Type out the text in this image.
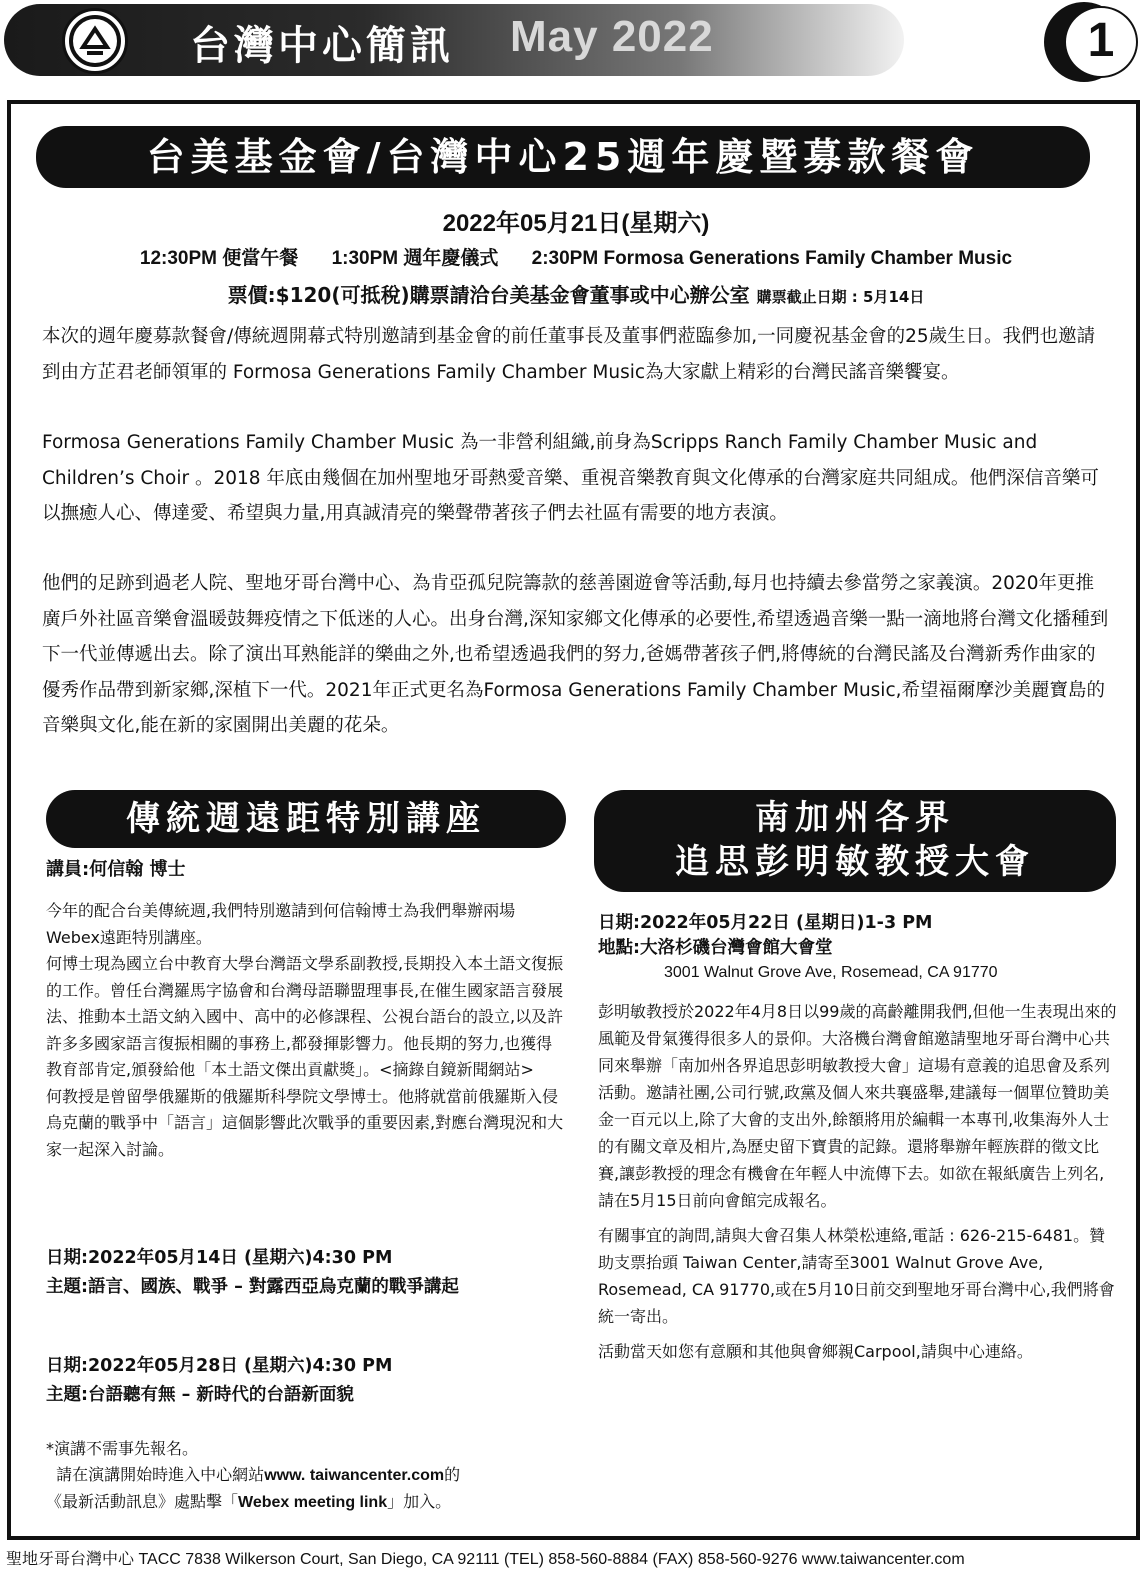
台灣中心簡訊 May 2022	1
台美基金會/台灣中心25週年慶暨募款餐會
2022年05月21日(星期六)
12:30PM 便當午餐 1:30PM 週年慶儀式 2:30PM Formosa Generations Family Chamber Music
票價:$120(可抵稅)購票請洽台美基金會董事或中心辦公室 購票截止日期 : 5月14日

本次的週年慶募款餐會/傳統週開幕式特別邀請到基金會的前任董事長及董事們蒞臨參加,一同慶祝基金會的25歲生日。我們也邀請到由方芷君老師領軍的 Formosa Generations Family Chamber Music為大家獻上精彩的台灣民謠音樂饗宴。

Formosa Generations Family Chamber Music 為一非營利組織,前身為Scripps Ranch Family Chamber Music and Children’s Choir 。2018 年底由幾個在加州聖地牙哥熱愛音樂、重視音樂教育與文化傳承的台灣家庭共同組成。他們深信音樂可以撫癒人心、傳達愛、希望與力量,用真誠清亮的樂聲帶著孩子們去社區有需要的地方表演。

他們的足跡到過老人院、聖地牙哥台灣中心、為肯亞孤兒院籌款的慈善園遊會等活動,每月也持續去參當勞之家義演。2020年更推廣戶外社區音樂會溫暖鼓舞疫情之下低迷的人心。出身台灣,深知家鄉文化傳承的必要性,希望透過音樂一點一滴地將台灣文化播種到下一代並傳遞出去。除了演出耳熟能詳的樂曲之外,也希望透過我們的努力,爸媽帶著孩子們,將傳統的台灣民謠及台灣新秀作曲家的優秀作品帶到新家鄉,深植下一代。2021年正式更名為Formosa Generations Family Chamber Music,希望福爾摩沙美麗寶島的音樂與文化,能在新的家園開出美麗的花朵。

傳統週遠距特別講座
講員:何信翰 博士

今年的配合台美傳統週,我們特別邀請到何信翰博士為我們舉辦兩場Webex遠距特別講座。

何博士現為國立台中教育大學台灣語文學系副教授,長期投入本土語文復振的工作。曾任台灣羅馬字協會和台灣母語聯盟理事長,在催生國家語言發展法、推動本土語文納入國中、高中的必修課程、公視台語台的設立,以及許許多多國家語言復振相關的事務上,都發揮影響力。他長期的努力,也獲得教育部肯定,頒發給他「本土語文傑出貢獻獎」。<摘錄自鏡新聞網站>

何教授是曾留學俄羅斯的俄羅斯科學院文學博士。他將就當前俄羅斯入侵烏克蘭的戰爭中「語言」這個影響此次戰爭的重要因素,對應台灣現況和大家一起深入討論。

日期:2022年05月14日 (星期六)4:30 PM

主題:語言、國族、戰爭 – 對露西亞烏克蘭的戰爭講起

日期:2022年05月28日 (星期六)4:30 PM

主題:台語聽有無 – 新時代的台語新面貌

*演講不需事先報名。

請在演講開始時進入中心網站www. taiwancenter.com的

《最新活動訊息》處點擊「Webex meeting link」加入。

南加州各界
追思彭明敏教授大會

日期:2022年05月22日 (星期日)1-3 PM

地點:大洛杉磯台灣會館大會堂

3001 Walnut Grove Ave, Rosemead, CA 91770

彭明敏教授於2022年4月8日以99歲的高齡離開我們,但他一生表現出來的風範及骨氣獲得很多人的景仰。大洛機台灣會館邀請聖地牙哥台灣中心共同來舉辦「南加州各界追思彭明敏教授大會」這場有意義的追思會及系列活動。邀請社團,公司行號,政黨及個人來共襄盛舉,建議每一個單位贊助美金一百元以上,除了大會的支出外,餘額將用於編輯一本專刊,收集海外人士的有關文章及相片,為歷史留下寶貴的記錄。還將舉辦年輕族群的徵文比賽,讓彭教授的理念有機會在年輕人中流傳下去。如欲在報紙廣告上列名,請在5月15日前向會館完成報名。

有關事宜的詢問,請與大會召集人林榮松連絡,電話 : 626-215-6481。贊助支票抬頭 Taiwan Center,請寄至3001 Walnut Grove Ave, Rosemead, CA 91770,或在5月10日前交到聖地牙哥台灣中心,我們將會統一寄出。

活動當天如您有意願和其他與會鄉親Carpool,請與中心連絡。

聖地牙哥台灣中心 TACC 7838 Wilkerson Court, San Diego, CA 92111 (TEL) 858-560-8884 (FAX) 858-560-9276 www.taiwancenter.com
